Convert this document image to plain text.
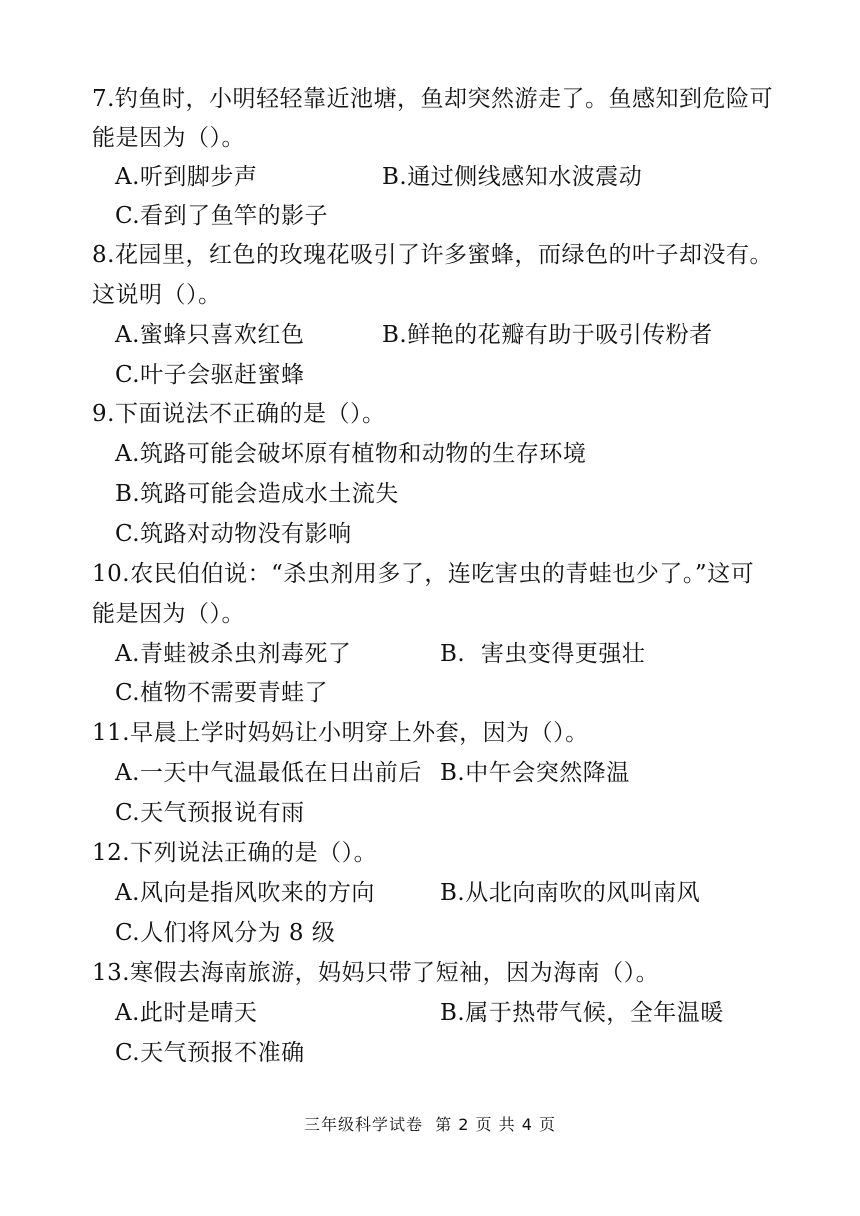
7.钓鱼时，小明轻轻靠近池塘，鱼却突然游走了。鱼感知到危险可
能是因为（）。
A.听到脚步声	B.通过侧线感知水波震动
C.看到了鱼竿的影子
8.花园里，红色的玫瑰花吸引了许多蜜蜂，而绿色的叶子却没有。
这说明（）。
A.蜜蜂只喜欢红色	B.鲜艳的花瓣有助于吸引传粉者
C.叶子会驱赶蜜蜂
9.下面说法不正确的是（）。
A.筑路可能会破坏原有植物和动物的生存环境
B.筑路可能会造成水土流失
C.筑路对动物没有影响
10.农民伯伯说：“杀虫剂用多了，连吃害虫的青蛙也少了。”这可
能是因为（）。
A.青蛙被杀虫剂毒死了	B.  害虫变得更强壮
C.植物不需要青蛙了
11.早晨上学时妈妈让小明穿上外套，因为（）。
A.一天中气温最低在日出前后 B.中午会突然降温
C.天气预报说有雨
12.下列说法正确的是（）。
A.风向是指风吹来的方向	B.从北向南吹的风叫南风
C.人们将风分为 8 级
13.寒假去海南旅游，妈妈只带了短袖，因为海南（）。
A.此时是晴天	B.属于热带气候，全年温暖
C.天气预报不准确
三年级科学试卷  第 2 页 共 4 页
